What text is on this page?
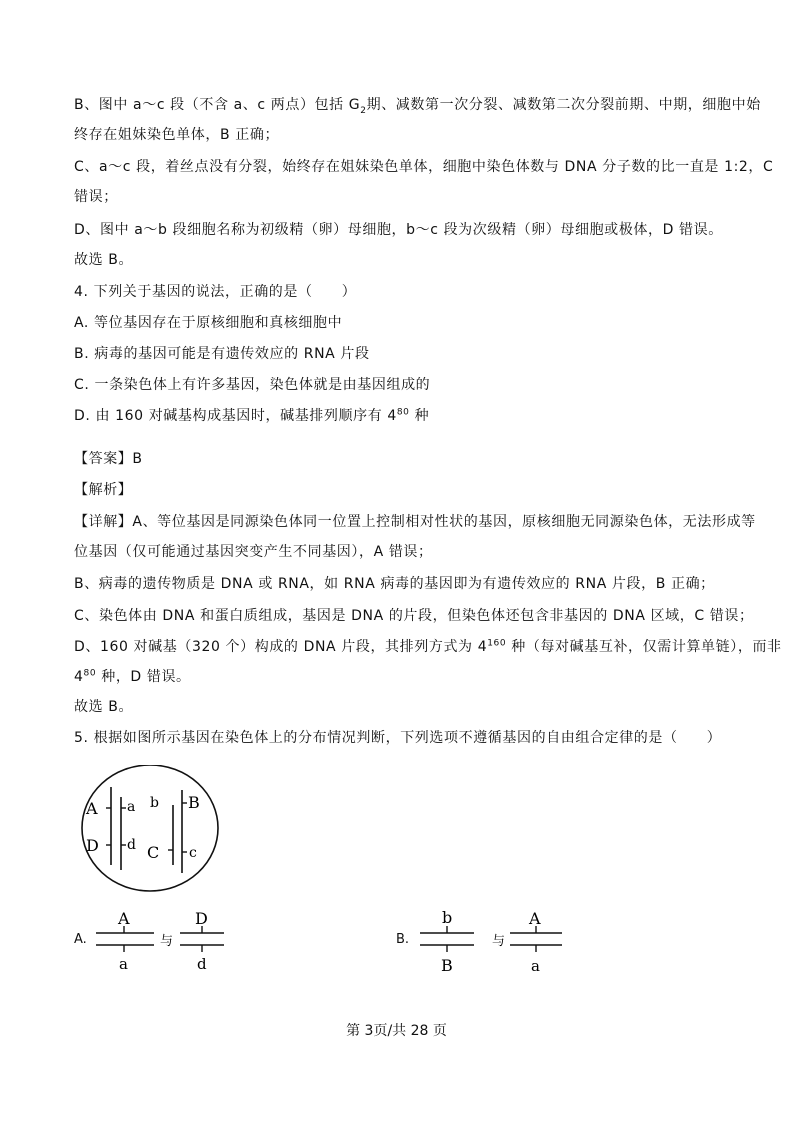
B、图中 a～c 段（不含 a、c 两点）包括 $G_2$期、减数第一次分裂、减数第二次分裂前期、中期，细胞中始
终存在姐妹染色单体，B 正确；
C、a～c 段，着丝点没有分裂，始终存在姐妹染色单体，细胞中染色体数与 DNA 分子数的比一直是 1:2，C
错误；
D、图中 a～b 段细胞名称为初级精（卵）母细胞，b～c 段为次级精（卵）母细胞或极体，D 错误。
故选 B。
4. 下列关于基因的说法，正确的是（　　）
A. 等位基因存在于原核细胞和真核细胞中
B. 病毒的基因可能是有遗传效应的 RNA 片段
C. 一条染色体上有许多基因，染色体就是由基因组成的
D. 由 160 对碱基构成基因时，碱基排列顺序有 $4^{80}$ 种
【答案】B
【解析】
【详解】A、等位基因是同源染色体同一位置上控制相对性状的基因，原核细胞无同源染色体，无法形成等
位基因（仅可能通过基因突变产生不同基因），A 错误；
B、病毒的遗传物质是 DNA 或 RNA，如 RNA 病毒的基因即为有遗传效应的 RNA 片段，B 正确；
C、染色体由 DNA 和蛋白质组成，基因是 DNA 的片段，但染色体还包含非基因的 DNA 区域，C 错误；
D、160 对碱基（320 个）构成的 DNA 片段，其排列方式为 $4^{160}$ 种（每对碱基互补，仅需计算单链），而非
$4^{80}$ 种，D 错误。
故选 B。
5. 根据如图所示基因在染色体上的分布情况判断，下列选项不遵循基因的自由组合定律的是（　　）
A a
D d
b B
C c
A.
A
a
与
D
d
B.
b
B
与
A
a
第 3页/共 28 页
